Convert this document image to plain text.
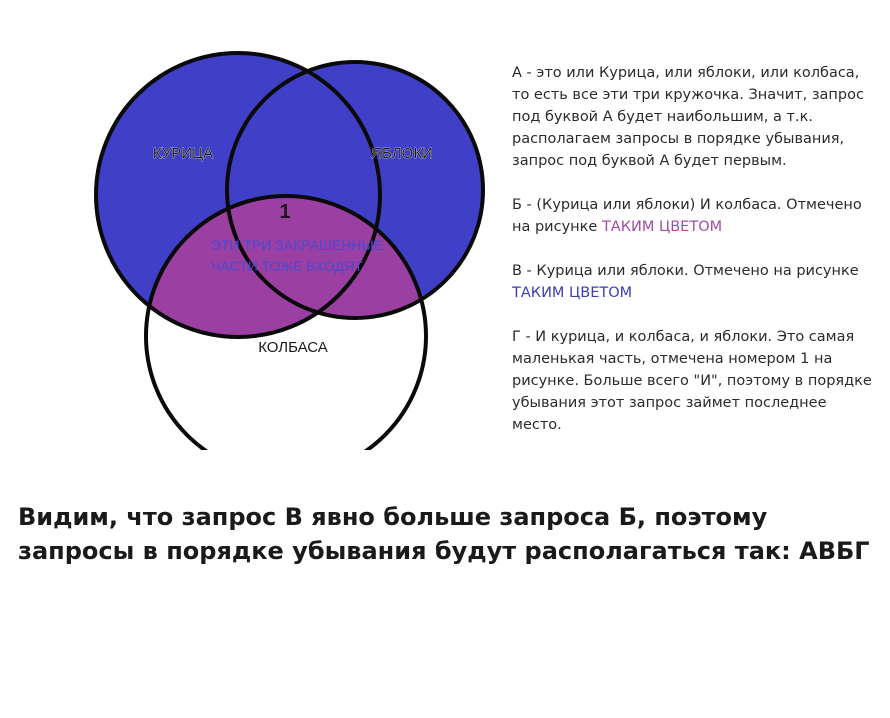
КУРИЦА	ЯБЛОКИ
КОЛБАСА
1
ЭТИ ТРИ ЗАКРАШЕННЫЕ
ЧАСТИ ТОЖЕ ВХОДЯТ

А - это или Курица, или яблоки, или колбаса, то есть все эти три кружочка. Значит, запрос под буквой А будет наибольшим, а т.к. располагаем запросы в порядке убывания, запрос под буквой А будет первым.

Б - (Курица или яблоки) И колбаса. Отмечено на рисунке ТАКИМ ЦВЕТОМ

В - Курица или яблоки. Отмечено на рисунке ТАКИМ ЦВЕТОМ

Г - И курица, и колбаса, и яблоки. Это самая маленькая часть, отмечена номером 1 на рисунке. Больше всего "И", поэтому в порядке убывания этот запрос займет последнее место.

Видим, что запрос В явно больше запроса Б, поэтому запросы в порядке убывания будут располагаться так: АВБГ
